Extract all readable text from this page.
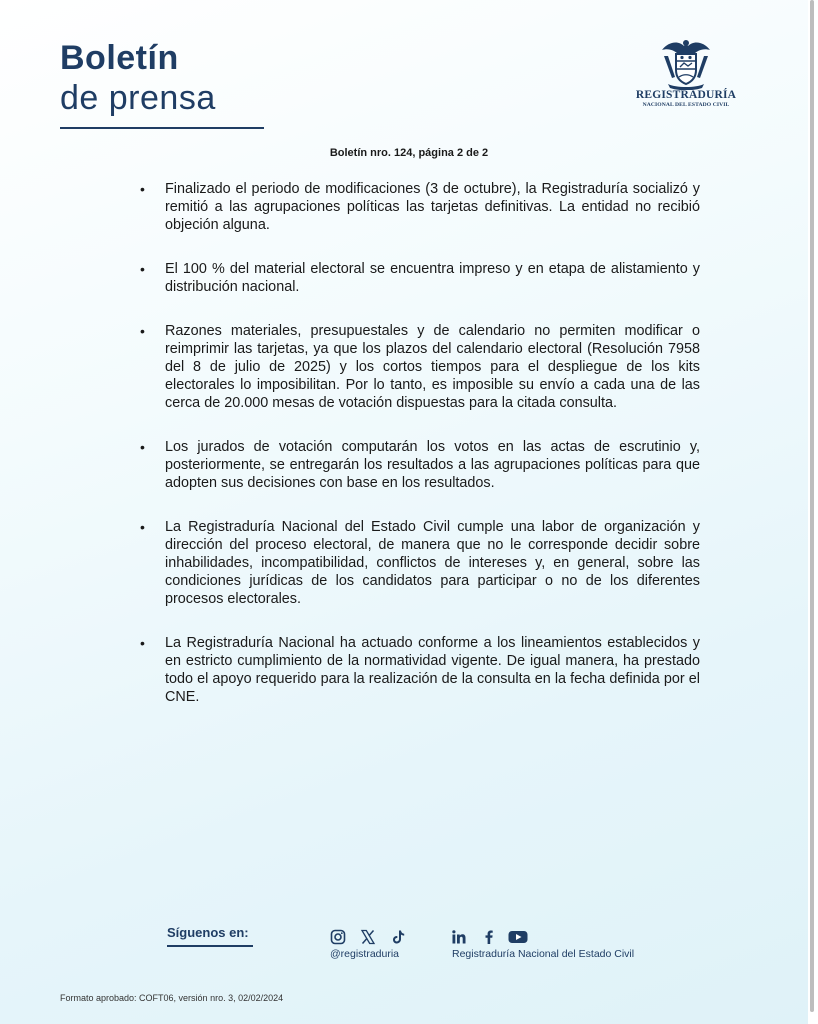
Boletín
de prensa	REGISTRADURÍA
NACIONAL DEL ESTADO CIVIL
Boletín nro. 124, página 2 de 2
• Finalizado el periodo de modificaciones (3 de octubre), la Registraduría socializó y remitió a las agrupaciones políticas las tarjetas definitivas. La entidad no recibió objeción alguna.
• El 100 % del material electoral se encuentra impreso y en etapa de alistamiento y distribución nacional.
• Razones materiales, presupuestales y de calendario no permiten modificar o reimprimir las tarjetas, ya que los plazos del calendario electoral (Resolución 7958 del 8 de julio de 2025) y los cortos tiempos para el despliegue de los kits electorales lo imposibilitan. Por lo tanto, es imposible su envío a cada una de las cerca de 20.000 mesas de votación dispuestas para la citada consulta.
• Los jurados de votación computarán los votos en las actas de escrutinio y, posteriormente, se entregarán los resultados a las agrupaciones políticas para que adopten sus decisiones con base en los resultados.
• La Registraduría Nacional del Estado Civil cumple una labor de organización y dirección del proceso electoral, de manera que no le corresponde decidir sobre inhabilidades, incompatibilidad, conflictos de intereses y, en general, sobre las condiciones jurídicas de los candidatos para participar o no de los diferentes procesos electorales.
• La Registraduría Nacional ha actuado conforme a los lineamientos establecidos y en estricto cumplimiento de la normatividad vigente. De igual manera, ha prestado todo el apoyo requerido para la realización de la consulta en la fecha definida por el CNE.
Síguenos en:
@registraduria	Registraduría Nacional del Estado Civil
Formato aprobado: COFT06, versión nro. 3, 02/02/2024
